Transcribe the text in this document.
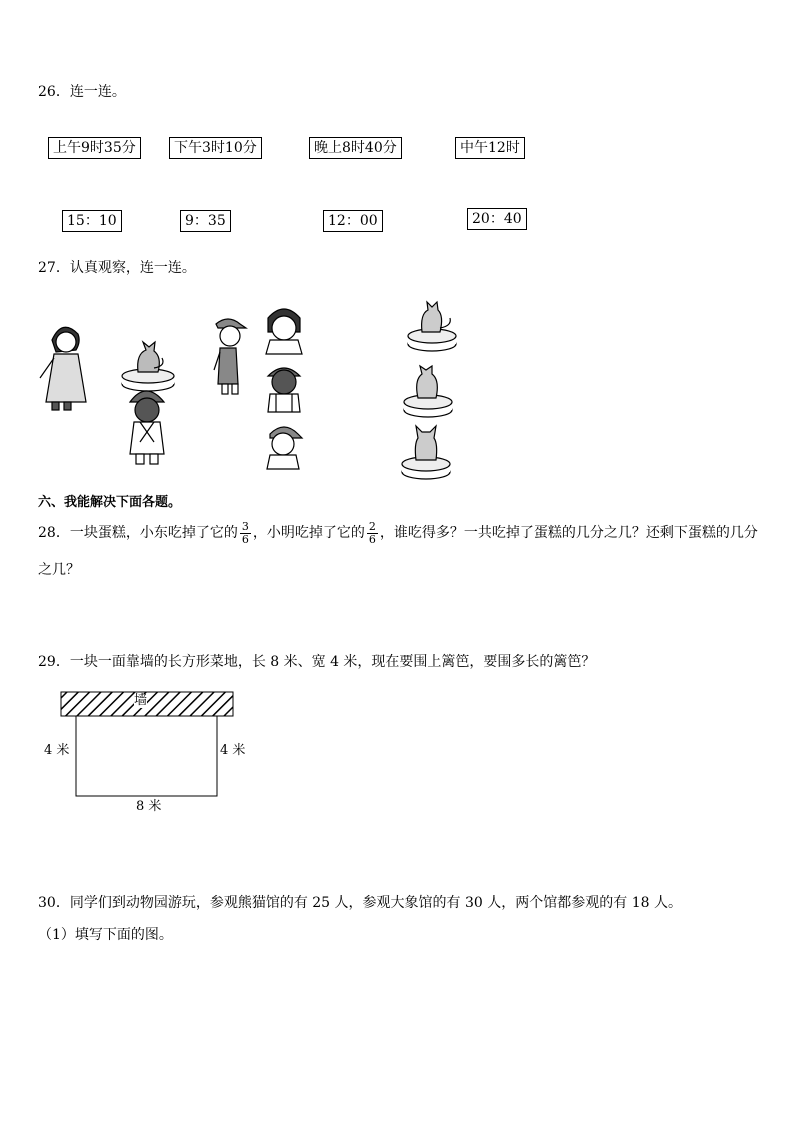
26．连一连。
上午9时35分	下午3时10分	晚上8时40分	中午12时
15：10	9：35	12：00	20：40
27．认真观察，连一连。
六、我能解决下面各题。
28．一块蛋糕，小东吃掉了它的 $\frac{3}{6}$ ，小明吃掉了它的 $\frac{2}{6}$ ，谁吃得多？一共吃掉了蛋糕的几分之几？还剩下蛋糕的几分
之几？
29．一块一面靠墙的长方形菜地，长 8 米、宽 4 米，现在要围上篱笆，要围多长的篱笆？
墙
4 米	4 米
8 米
30．同学们到动物园游玩，参观熊猫馆的有 25 人，参观大象馆的有 30 人，两个馆都参观的有 18 人。
（1）填写下面的图。
